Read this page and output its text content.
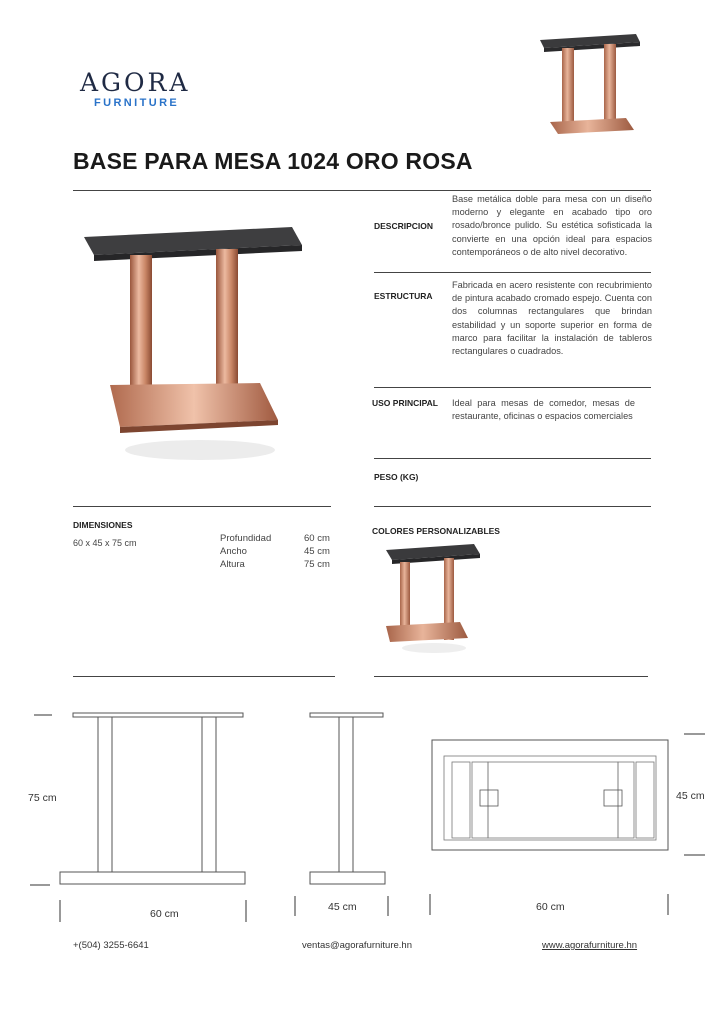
AGORA
FURNITURE
BASE PARA MESA 1024 ORO ROSA
DESCRIPCION
Base metálica doble para mesa con un diseño moderno y elegante en acabado tipo oro rosado/bronce pulido. Su estética sofisticada la convierte en una opción ideal para espacios contemporáneos o de alto nivel decorativo.
ESTRUCTURA
Fabricada en acero resistente con recubrimiento de pintura acabado cromado espejo. Cuenta con dos columnas rectangulares que brindan estabilidad y un soporte superior en forma de marco para facilitar la instalación de tableros rectangulares o cuadrados.
USO PRINCIPAL Ideal para mesas de comedor, mesas de restaurante, oficinas o espacios comerciales
PESO (KG)
DIMENSIONES
60 x 45 x 75 cm	Profundidad	60 cm
Ancho	45 cm
Altura	75 cm
COLORES PERSONALIZABLES
75 cm
60 cm
45 cm	60 cm
45 cm
+(504) 3255-6641	ventas@agorafurniture.hn	www.agorafurniture.hn
